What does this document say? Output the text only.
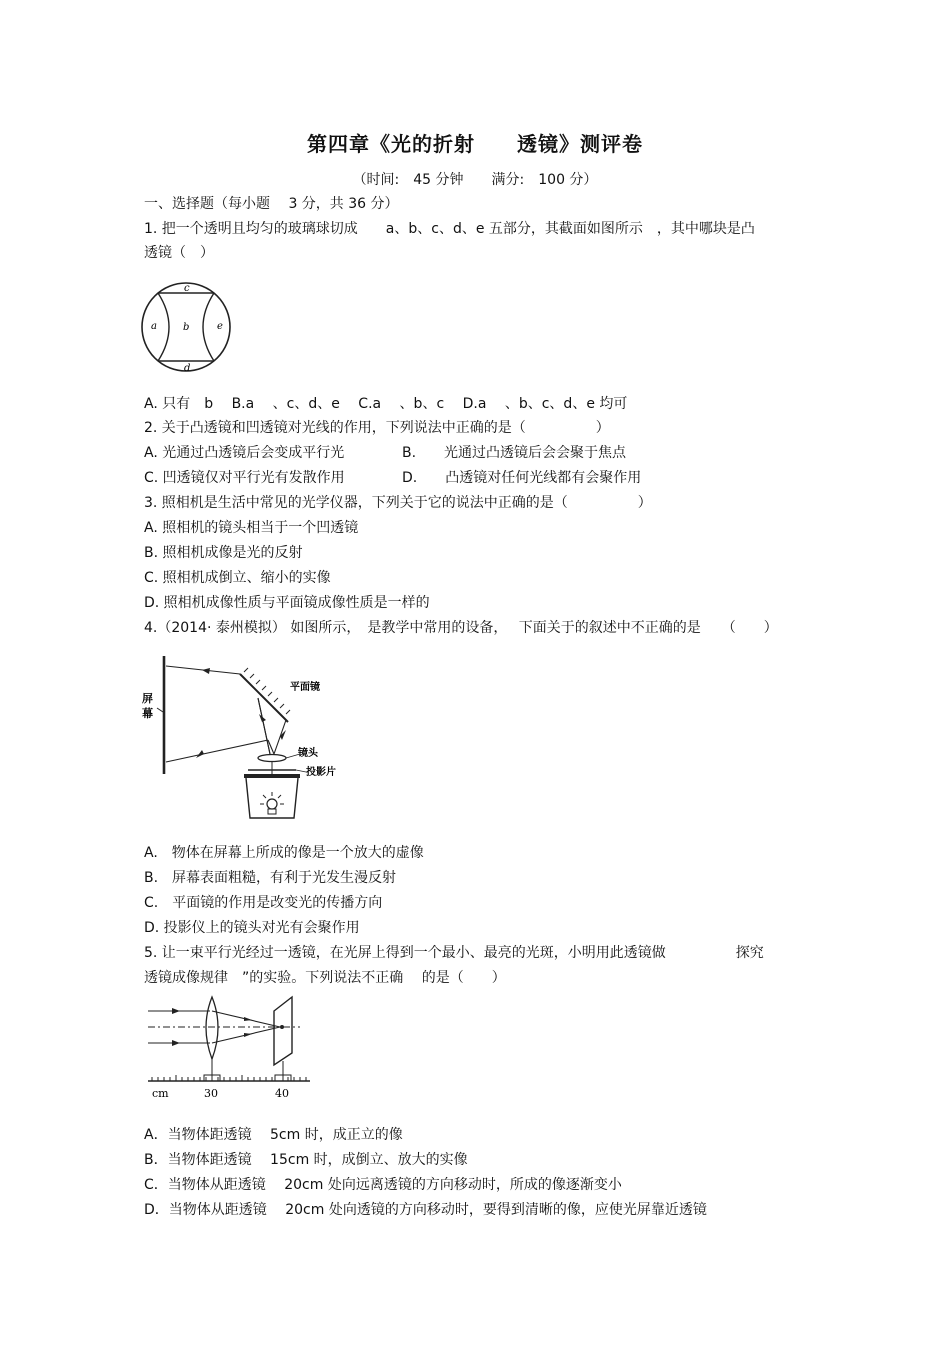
第四章《光的折射　　透镜》测评卷
（时间:　45 分钟　　满分:　100 分）
一、选择题（每小题　 3 分，共 36 分）
1. 把一个透明且均匀的玻璃球切成　　a、b、c、d、e 五部分，其截面如图所示　，其中哪块是凸
透镜（　）
c
a	b	e
d
A. 只有　b　 B.a　 、c、d、e　 C.a　 、b、c　 D.a　 、b、c、d、e 均可
2. 关于凸透镜和凹透镜对光线的作用，下列说法中正确的是（　　　　　）
A. 光通过凸透镜后会变成平行光	B.　　光通过凸透镜后会会聚于焦点
C. 凹透镜仅对平行光有发散作用	D.　　凸透镜对任何光线都有会聚作用
3. 照相机是生活中常见的光学仪器，下列关于它的说法中正确的是（　　　　　）
A. 照相机的镜头相当于一个凹透镜
B. 照相机成像是光的反射
C. 照相机成倒立、缩小的实像
D. 照相机成像性质与平面镜成像性质是一样的
4.（2014· 泰州模拟） 如图所示，　是教学中常用的设备，　 下面关于的叙述中不正确的是　　（　　）
屏
幕
平面镜
镜头
投影片
A.　物体在屏幕上所成的像是一个放大的虚像
B.　屏幕表面粗糙，有利于光发生漫反射
C.　平面镜的作用是改变光的传播方向
D. 投影仪上的镜头对光有会聚作用
5. 让一束平行光经过一透镜，在光屏上得到一个最小、最亮的光斑，小明用此透镜做　　　　　探究
透镜成像规律　”的实验。下列说法不正确　 的是（　　）
cm	30	40
A．当物体距透镜　 5cm 时，成正立的像
B．当物体距透镜　 15cm 时，成倒立、放大的实像
C．当物体从距透镜　 20cm 处向远离透镜的方向移动时，所成的像逐渐变小
D．当物体从距透镜　 20cm 处向透镜的方向移动时，要得到清晰的像，应使光屏靠近透镜
